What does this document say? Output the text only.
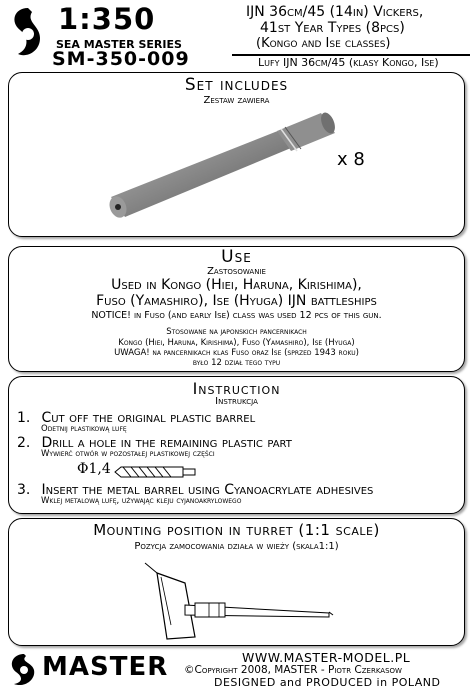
1:350
SEA MASTER SERIES
SM-350-009
IJN 36cm/45 (14in) Vickers,
41st Year Types (8pcs)
(Kongo and Ise classes)
Lufy IJN 36cm/45 (klasy Kongo, Ise)
Set includes
Zestaw zawiera
x 8
Use
Zastosowanie
Used in Kongo (Hiei, Haruna, Kirishima),
Fuso (Yamashiro), Ise (Hyuga) IJN battleships
NOTICE! in Fuso (and early Ise) class was used 12 pcs of this gun.
Stosowane na japonskich pancernikach
Kongo (Hiei, Haruna, Kirishima), Fuso (Yamashiro), Ise (Hyuga)
UWAGA! na pancernikach klas Fuso oraz Ise (sprzed 1943 roku)
było 12 dział tego typu
Instruction
Instrukcja
1. Cut off the original plastic barrel
Odetnij plastikową lufę
2. Drill a hole in the remaining plastic part
Wywierć otwór w pozostałej plastikowej części
Φ1,4
3. Insert the metal barrel using Cyanoacrylate adhesives
Wklej metalową lufę, używając kleju cyjanoakrylowego
Mounting position in turret (1:1 scale)
Pozycja zamocowania działa w wieży (skala1:1)
MASTER	WWW.MASTER-MODEL.PL
©Copyright 2008, MASTER - Piotr Czerkasow
DESIGNED and PRODUCED in POLAND
